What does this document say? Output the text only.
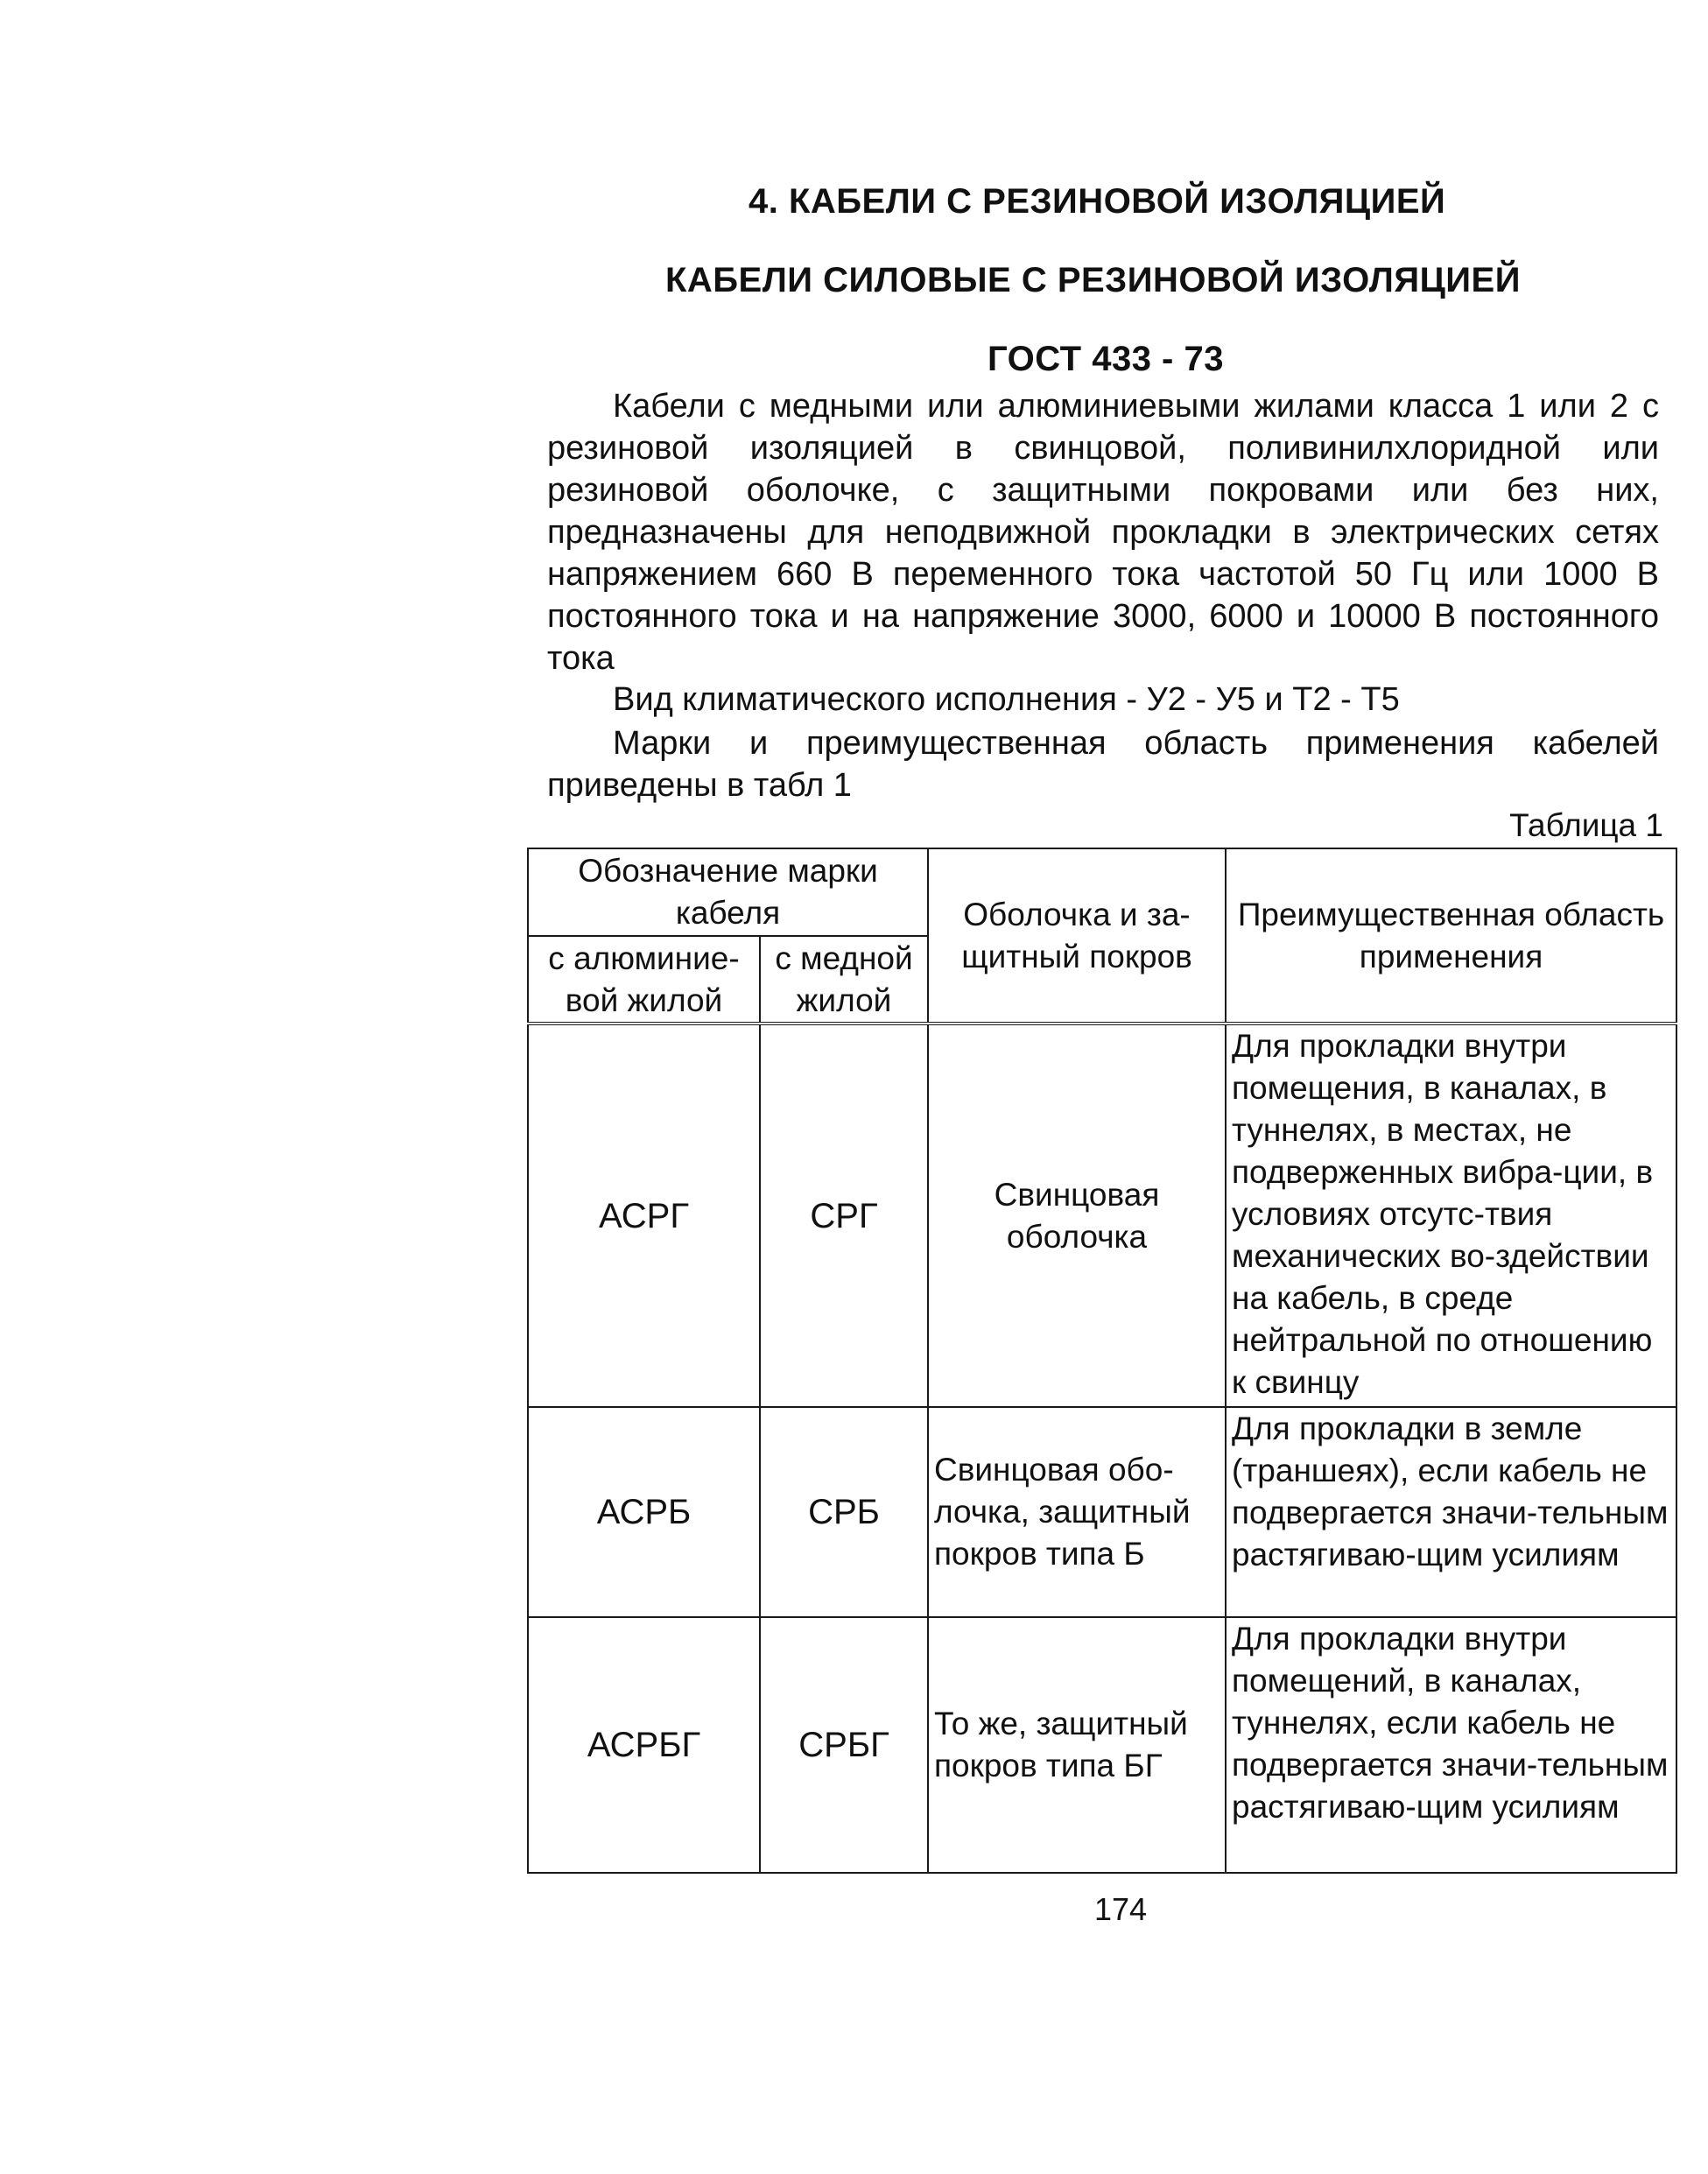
4. КАБЕЛИ С РЕЗИНОВОЙ ИЗОЛЯЦИЕЙ
КАБЕЛИ СИЛОВЫЕ С РЕЗИНОВОЙ ИЗОЛЯЦИЕЙ
ГОСТ 433 - 73
Кабели с медными или алюминиевыми жилами класса 1 или 2 с резиновой изоляцией в свинцовой, поливинилхлоридной или резиновой оболочке, с защитными покровами или без них, предназначены для неподвижной прокладки в электрических сетях напряжением 660 В переменного тока частотой 50 Гц или 1000 В постоянного тока и на напряжение 3000, 6000 и 10000 В постоянного тока
Вид климатического исполнения - У2 - У5 и Т2 - Т5
Марки и преимущественная область применения кабелей приведены в табл 1
Таблица 1
Обозначение марки кабеля		Оболочка и за-щитный покров	Преимущественная область применения
с алюминие-вой жилой	с медной жилой		
АСРГ	СРГ	Свинцовая оболочка	Для прокладки внутри помещения, в каналах, в туннелях, в местах, не подверженных вибра-ции, в условиях отсутс-твия механических во-здействии на кабель, в среде нейтральной по отношению к свинцу
АСРБ	СРБ	Свинцовая обо-лочка, защитный покров типа Б	Для прокладки в земле (траншеях), если кабель не подвергается значи-тельным растягиваю-щим усилиям
АСРБГ	СРБГ	То же, защитный покров типа БГ	Для прокладки внутри помещений, в каналах, туннелях, если кабель не подвергается значи-тельным растягиваю-щим усилиям
174
